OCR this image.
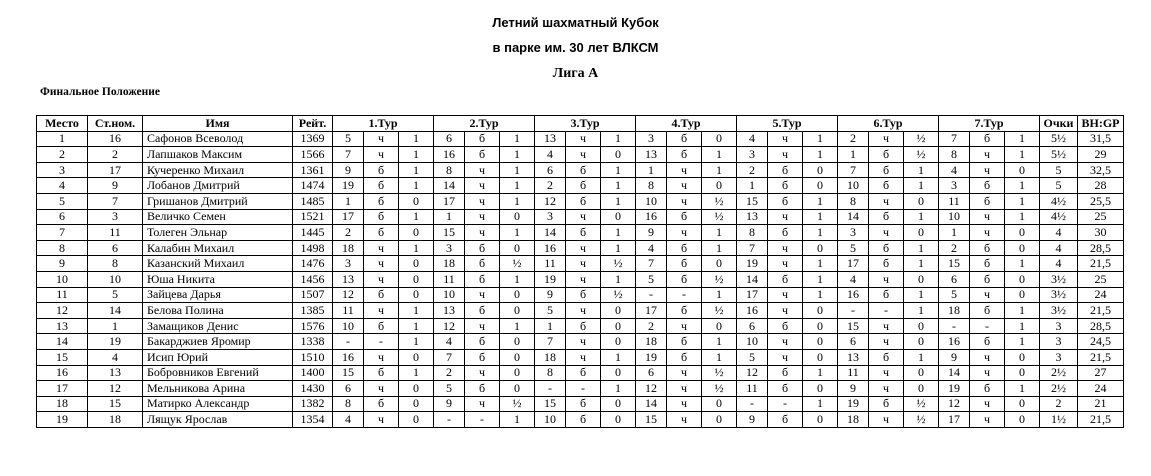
Летний шахматный Кубок
в парке им. 30 лет ВЛКСМ
Лига А
Финальное Положение
Место	Ст.ном.	Имя	Рейт.	1.Тур			2.Тур			3.Тур			4.Тур			5.Тур			6.Тур			7.Тур			Очки	BH:GP
1	16	Сафонов Всеволод	1369	5	ч	1	6	б	1	13	ч	1	3	б	0	4	ч	1	2	ч	½	7	б	1	5½	31,5
2	2	Лапшаков Максим	1566	7	ч	1	16	б	1	4	ч	0	13	б	1	3	ч	1	1	б	½	8	ч	1	5½	29
3	17	Кучеренко Михаил	1361	9	б	1	8	ч	1	6	б	1	1	ч	1	2	б	0	7	б	1	4	ч	0	5	32,5
4	9	Лобанов Дмитрий	1474	19	б	1	14	ч	1	2	б	1	8	ч	0	1	б	0	10	б	1	3	б	1	5	28
5	7	Гришанов Дмитрий	1485	1	б	0	17	ч	1	12	б	1	10	ч	½	15	б	1	8	ч	0	11	б	1	4½	25,5
6	3	Величко Семен	1521	17	б	1	1	ч	0	3	ч	0	16	б	½	13	ч	1	14	б	1	10	ч	1	4½	25
7	11	Толеген Эльнар	1445	2	б	0	15	ч	1	14	б	1	9	ч	1	8	б	1	3	ч	0	1	ч	0	4	30
8	6	Калабин Михаил	1498	18	ч	1	3	б	0	16	ч	1	4	б	1	7	ч	0	5	б	1	2	б	0	4	28,5
9	8	Казанский Михаил	1476	3	ч	0	18	б	½	11	ч	½	7	б	0	19	ч	1	17	б	1	15	б	1	4	21,5
10	10	Юша Никита	1456	13	ч	0	11	б	1	19	ч	1	5	б	½	14	б	1	4	ч	0	6	б	0	3½	25
11	5	Зайцева Дарья	1507	12	б	0	10	ч	0	9	б	½	-	-	1	17	ч	1	16	б	1	5	ч	0	3½	24
12	14	Белова Полина	1385	11	ч	1	13	б	0	5	ч	0	17	б	½	16	ч	0	-	-	1	18	б	1	3½	21,5
13	1	Замащиков Денис	1576	10	б	1	12	ч	1	1	б	0	2	ч	0	6	б	0	15	ч	0	-	-	1	3	28,5
14	19	Бакарджиев Яромир	1338	-	-	1	4	б	0	7	ч	0	18	б	1	10	ч	0	6	ч	0	16	б	1	3	24,5
15	4	Исип Юрий	1510	16	ч	0	7	б	0	18	ч	1	19	б	1	5	ч	0	13	б	1	9	ч	0	3	21,5
16	13	Бобровников Евгений	1400	15	б	1	2	ч	0	8	б	0	6	ч	½	12	б	1	11	ч	0	14	ч	0	2½	27
17	12	Мельникова Арина	1430	6	ч	0	5	б	0	-	-	1	12	ч	½	11	б	0	9	ч	0	19	б	1	2½	24
18	15	Матирко Александр	1382	8	б	0	9	ч	½	15	б	0	14	ч	0	-	-	1	19	б	½	12	ч	0	2	21
19	18	Лящук Ярослав	1354	4	ч	0	-	-	1	10	б	0	15	ч	0	9	б	0	18	ч	½	17	ч	0	1½	21,5
